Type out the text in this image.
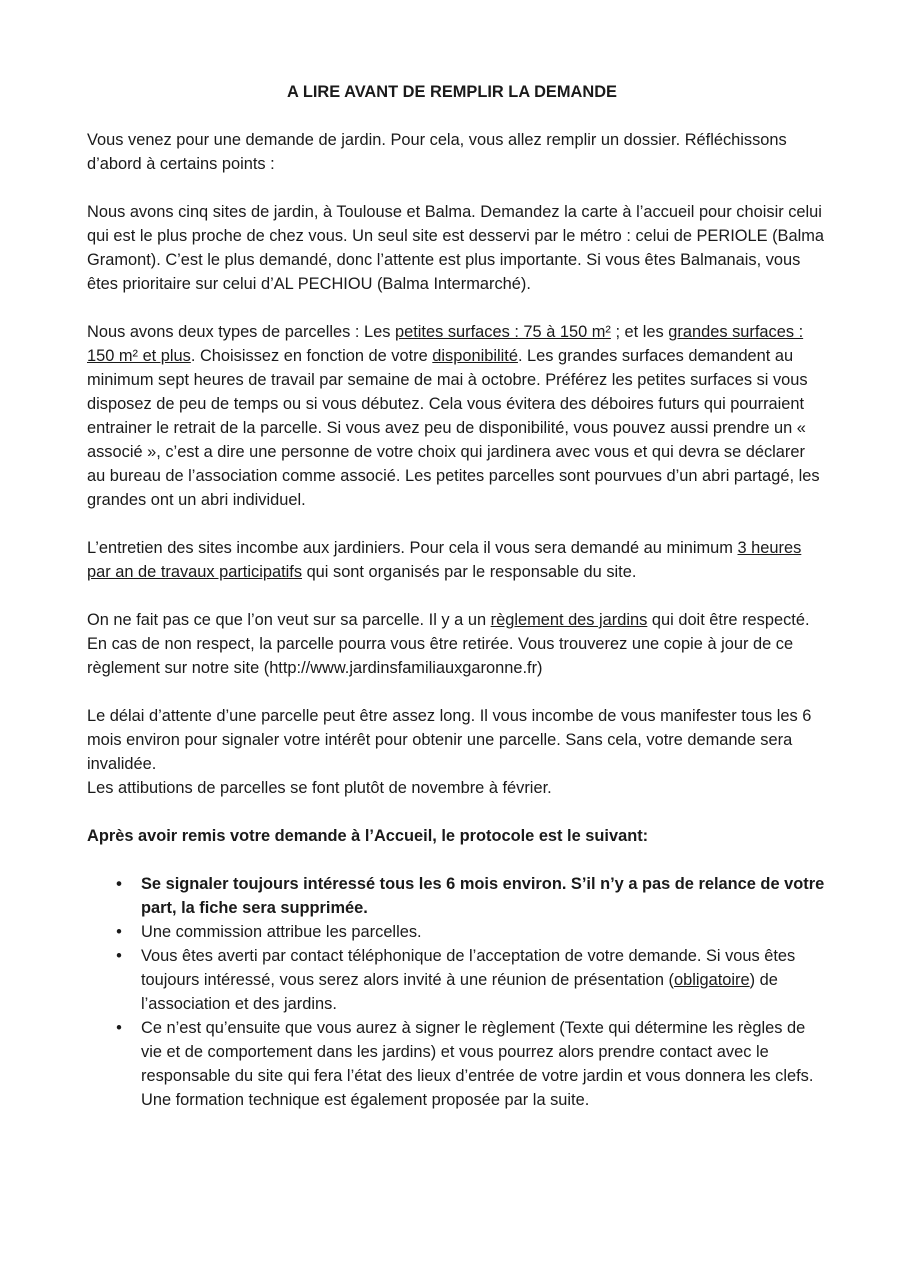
A LIRE AVANT DE REMPLIR LA DEMANDE

Vous venez pour une demande de jardin. Pour cela, vous allez remplir un dossier. Réfléchissons d’abord à certains points :

Nous avons cinq sites de jardin, à Toulouse et Balma. Demandez la carte à l’accueil pour choisir celui qui est le plus proche de chez vous. Un seul site est desservi par le métro : celui de PERIOLE (Balma Gramont). C’est le plus demandé, donc l’attente est plus importante. Si vous êtes Balmanais, vous êtes prioritaire sur celui d’AL PECHIOU (Balma Intermarché).

Nous avons deux types de parcelles : Les petites surfaces : 75 à 150 m² ; et les grandes surfaces : 150 m² et plus. Choisissez en fonction de votre disponibilité. Les grandes surfaces demandent au minimum sept heures de travail par semaine de mai à octobre. Préférez les petites surfaces si vous disposez de peu de temps ou si vous débutez. Cela vous évitera des déboires futurs qui pourraient entrainer le retrait de la parcelle. Si vous avez peu de disponibilité, vous pouvez aussi prendre un « associé », c’est a dire une personne de votre choix qui jardinera avec vous et qui devra se déclarer au bureau de l’association comme associé. Les petites parcelles sont pourvues d’un abri partagé, les grandes ont un abri individuel.

L’entretien des sites incombe aux jardiniers. Pour cela il vous sera demandé au minimum 3 heures par an de travaux participatifs qui sont organisés par le responsable du site.

On ne fait pas ce que l’on veut sur sa parcelle. Il y a un règlement des jardins qui doit être respecté. En cas de non respect, la parcelle pourra vous être retirée. Vous trouverez une copie à jour de ce règlement sur notre site (http://www.jardinsfamiliauxgaronne.fr)

Le délai d’attente d’une parcelle peut être assez long. Il vous incombe de vous manifester tous les 6 mois environ pour signaler votre intérêt pour obtenir une parcelle. Sans cela, votre demande sera invalidée.

Les attibutions de parcelles se font plutôt de novembre à février.

Après avoir remis votre demande à l’Accueil, le protocole est le suivant:

• Se signaler toujours intéressé tous les 6 mois environ. S’il n’y a pas de relance de votre part, la fiche sera supprimée.
• Une commission attribue les parcelles.
• Vous êtes averti par contact téléphonique de l’acceptation de votre demande. Si vous êtes toujours intéressé, vous serez alors invité à une réunion de présentation (obligatoire) de l’association et des jardins.
• Ce n’est qu’ensuite que vous aurez à signer le règlement (Texte qui détermine les règles de vie et de comportement dans les jardins) et vous pourrez alors prendre contact avec le responsable du site qui fera l’état des lieux d’entrée de votre jardin et vous donnera les clefs. Une formation technique est également proposée par la suite.
